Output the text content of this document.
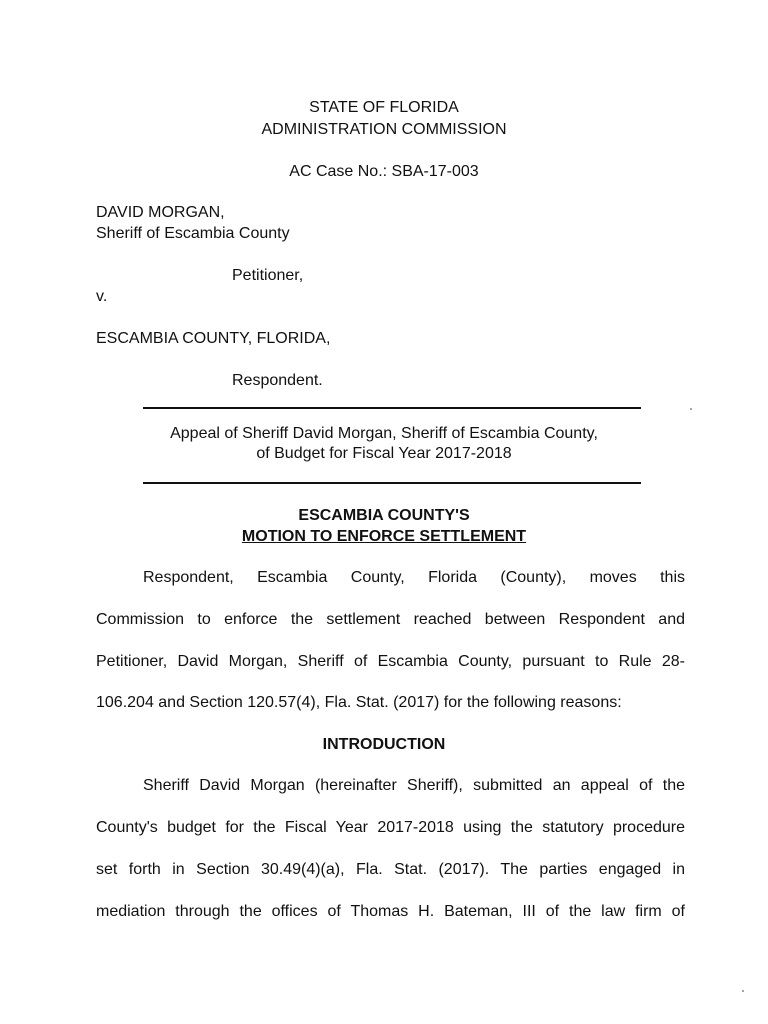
STATE OF FLORIDA
ADMINISTRATION COMMISSION
AC Case No.: SBA-17-003
DAVID MORGAN,
Sheriff of Escambia County
Petitioner,
v.
ESCAMBIA COUNTY, FLORIDA,
Respondent.
Appeal of Sheriff David Morgan, Sheriff of Escambia County,
of Budget for Fiscal Year 2017-2018
ESCAMBIA COUNTY'S
MOTION TO ENFORCE SETTLEMENT
Respondent, Escambia County, Florida (County), moves this
Commission to enforce the settlement reached between Respondent and
Petitioner, David Morgan, Sheriff of Escambia County, pursuant to Rule 28-
106.204 and Section 120.57(4), Fla. Stat. (2017) for the following reasons:
INTRODUCTION
Sheriff David Morgan (hereinafter Sheriff), submitted an appeal of the
County's budget for the Fiscal Year 2017-2018 using the statutory procedure
set forth in Section 30.49(4)(a), Fla. Stat. (2017). The parties engaged in
mediation through the offices of Thomas H. Bateman, III of the law firm of
